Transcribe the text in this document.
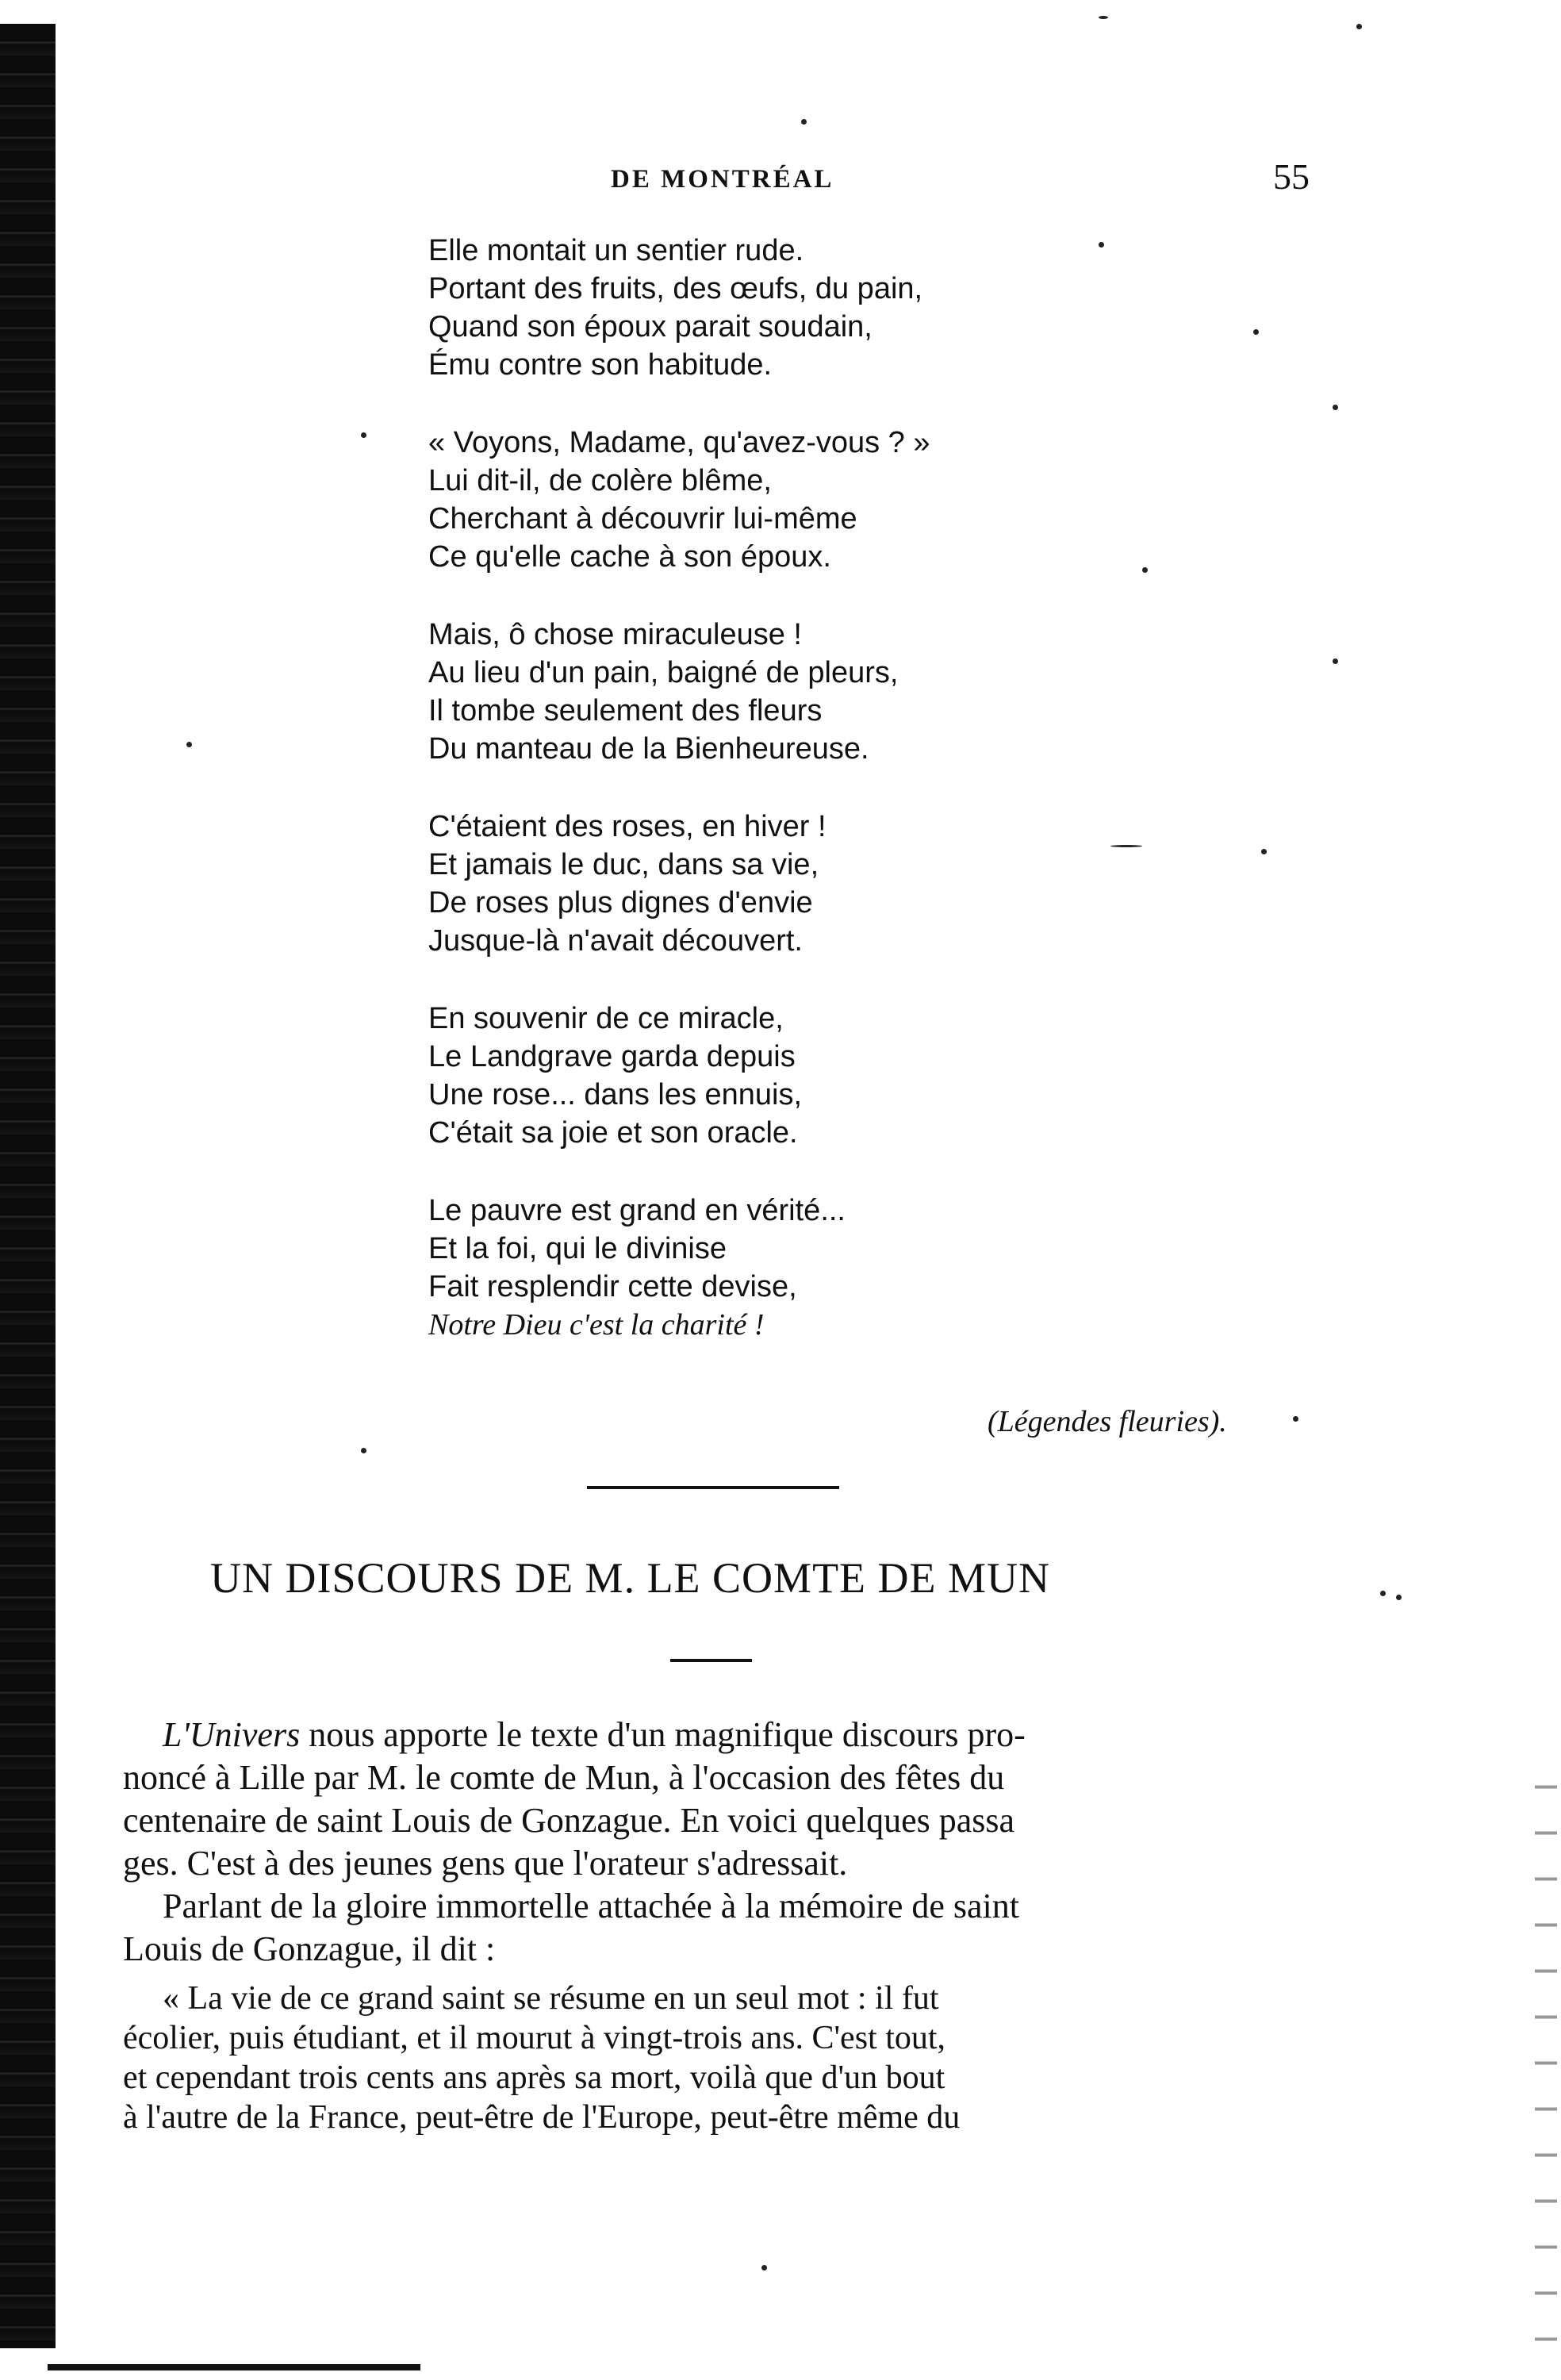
DE MONTRÉAL	55
Elle montait un sentier rude.
Portant des fruits, des œufs, du pain,
Quand son époux parait soudain,
Ému contre son habitude.
« Voyons, Madame, qu'avez-vous ? »
Lui dit-il, de colère blême,
Cherchant à découvrir lui-même
Ce qu'elle cache à son époux.
Mais, ô chose miraculeuse !
Au lieu d'un pain, baigné de pleurs,
Il tombe seulement des fleurs
Du manteau de la Bienheureuse.
C'étaient des roses, en hiver !
Et jamais le duc, dans sa vie,
De roses plus dignes d'envie
Jusque-là n'avait découvert.
En souvenir de ce miracle,
Le Landgrave garda depuis
Une rose... dans les ennuis,
C'était sa joie et son oracle.
Le pauvre est grand en vérité...
Et la foi, qui le divinise
Fait resplendir cette devise,
Notre Dieu c'est la charité !
(Légendes fleuries).
UN DISCOURS DE M. LE COMTE DE MUN
L'Univers nous apporte le texte d'un magnifique discours pro-
noncé à Lille par M. le comte de Mun, à l'occasion des fêtes du
centenaire de saint Louis de Gonzague. En voici quelques passa
ges. C'est à des jeunes gens que l'orateur s'adressait.
Parlant de la gloire immortelle attachée à la mémoire de saint
Louis de Gonzague, il dit :
« La vie de ce grand saint se résume en un seul mot : il fut
écolier, puis étudiant, et il mourut à vingt-trois ans. C'est tout,
et cependant trois cents ans après sa mort, voilà que d'un bout
à l'autre de la France, peut-être de l'Europe, peut-être même du
